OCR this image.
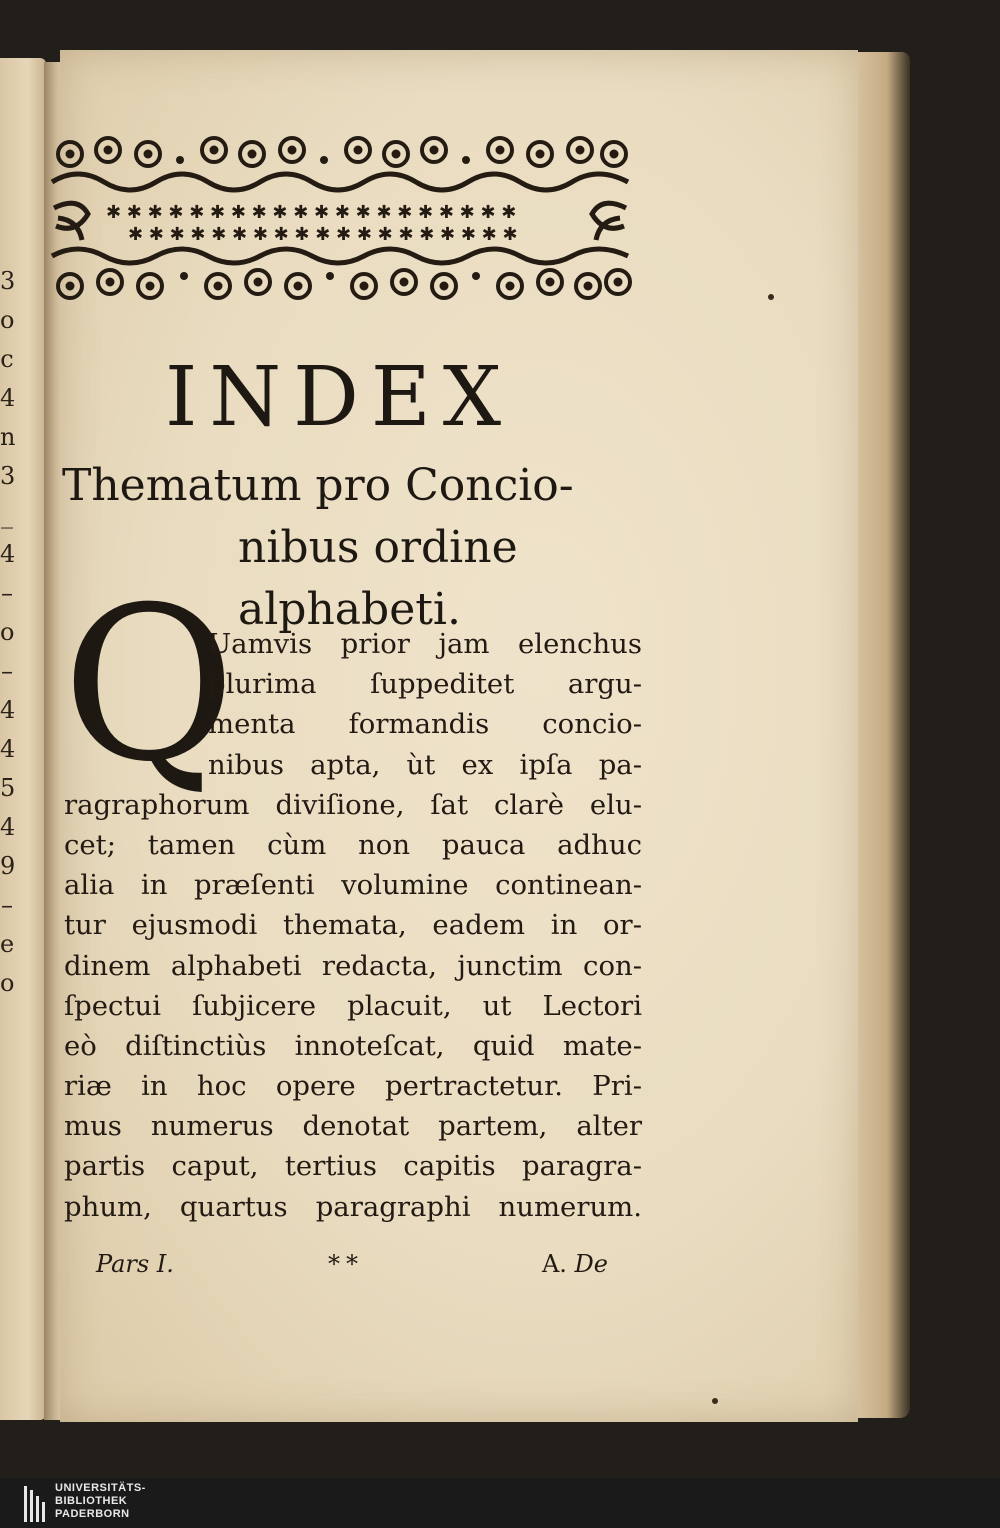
3
o
c
4
n
3
_
4
–
o
–
4
4
5
4
9
–
e
o
✱ ✱ ✱ ✱ ✱ ✱ ✱ ✱ ✱ ✱ ✱ ✱ ✱ ✱ ✱ ✱ ✱ ✱ ✱ ✱
✱ ✱ ✱ ✱ ✱ ✱ ✱ ✱ ✱ ✱ ✱ ✱ ✱ ✱ ✱ ✱ ✱ ✱ ✱
INDEX
Thematum pro Concio-
nibus ordine alphabeti.
Q
Uamvis prior jam elenchus
plurima ſuppeditet argu-
menta formandis concio-
nibus apta, ùt ex ipſa pa-
ragraphorum diviſione, ſat clarè elu-
cet; tamen cùm non pauca adhuc
alia in præſenti volumine continean-
tur ejusmodi themata, eadem in or-
dinem alphabeti redacta, junctim con-
ſpectui ſubjicere placuit, ut Lectori
eò diſtinctiùs innoteſcat, quid mate-
riæ in hoc opere pertractetur. Pri-
mus numerus denotat partem, alter
partis caput, tertius capitis paragra-
phum, quartus paragraphi numerum.
Pars I.	**	A. De
UNIVERSITÄTS-
BIBLIOTHEK
PADERBORN
